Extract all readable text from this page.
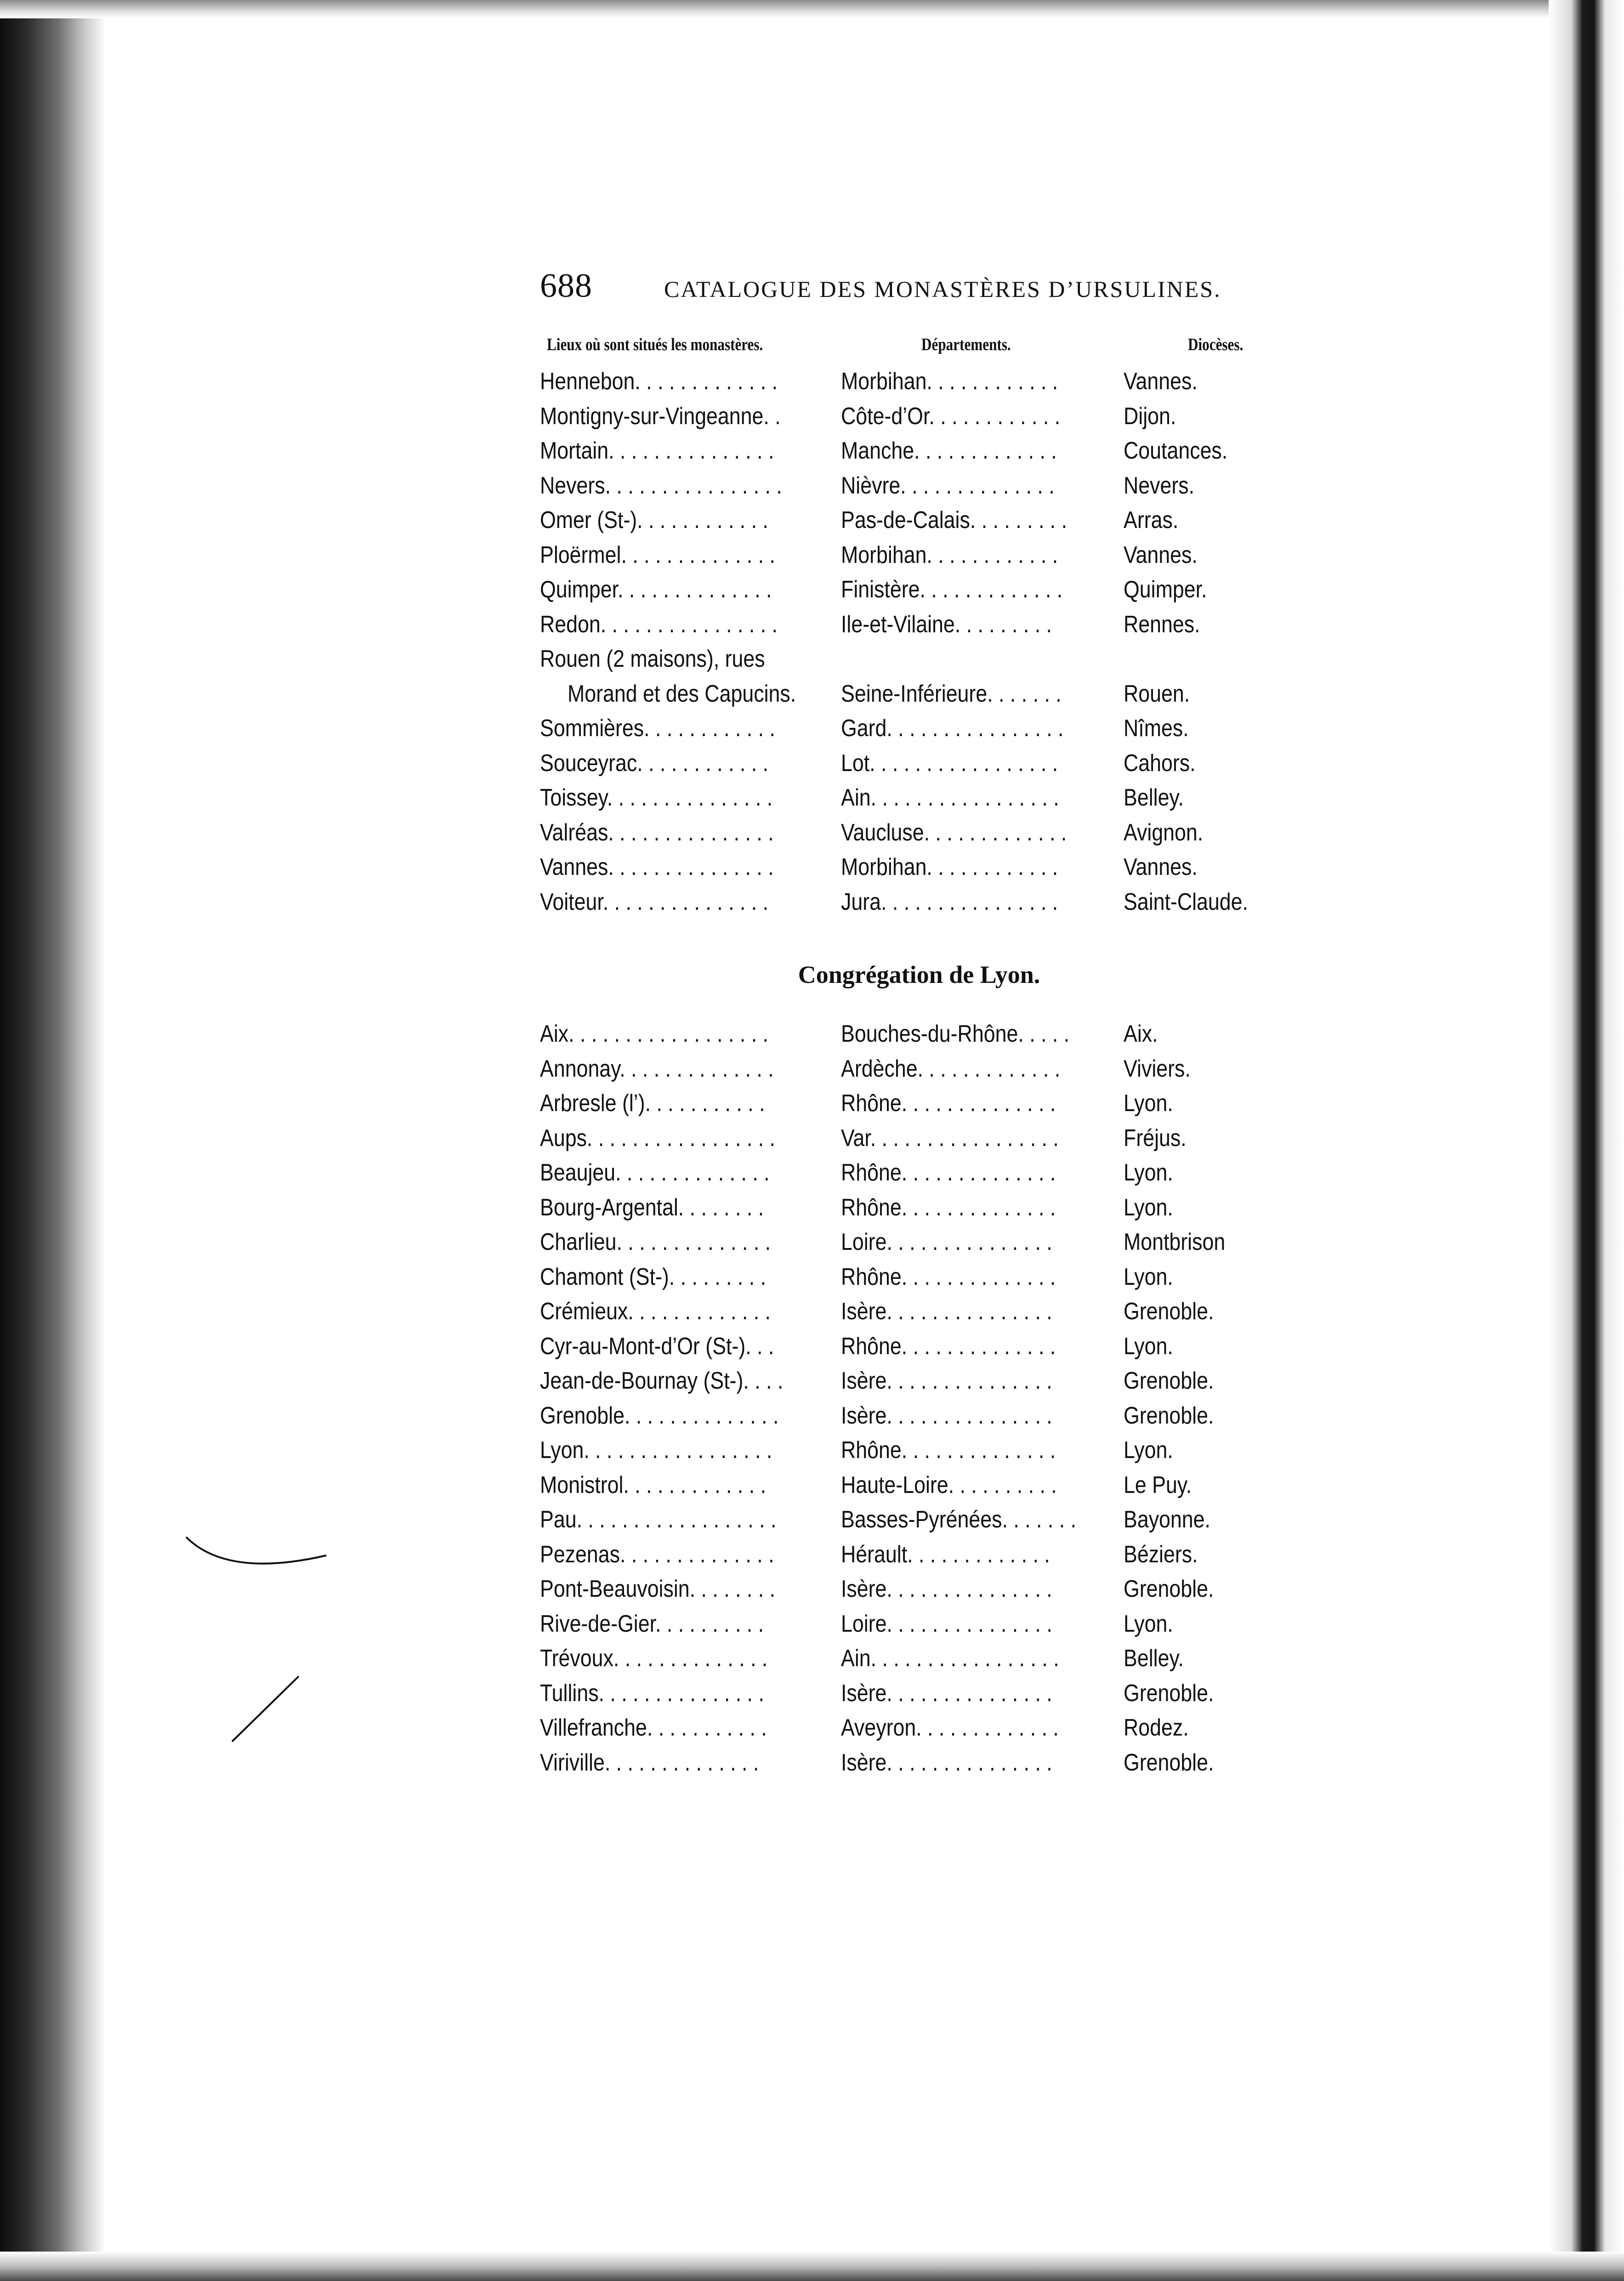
688	CATALOGUE DES MONASTÈRES D’URSULINES.
Lieux où sont situés les monastères.	Départements.	Diocèses.
Hennebon. . . . . . . . . . . . .	Morbihan. . . . . . . . . . . .	Vannes.
Montigny-sur-Vingeanne. .	Côte-d’Or. . . . . . . . . . . .	Dijon.
Mortain. . . . . . . . . . . . . . .	Manche. . . . . . . . . . . . .	Coutances.
Nevers. . . . . . . . . . . . . . . . Nièvre. . . . . . . . . . . . . .	Nevers.
Omer (St-). . . . . . . . . . . .	Pas-de-Calais. . . . . . . . . Arras.
Ploërmel. . . . . . . . . . . . . .	Morbihan. . . . . . . . . . . .	Vannes.
Quimper. . . . . . . . . . . . . .	Finistère. . . . . . . . . . . . .	Quimper.
Redon. . . . . . . . . . . . . . . .	Ile-et-Vilaine. . . . . . . . .	Rennes.
Rouen (2 maisons), rues
Morand et des Capucins. Seine-Inférieure. . . . . . .	Rouen.
Sommières. . . . . . . . . . . .	Gard. . . . . . . . . . . . . . . .	Nîmes.
Souceyrac. . . . . . . . . . . .	Lot. . . . . . . . . . . . . . . . .	Cahors.
Toissey. . . . . . . . . . . . . . .	Ain. . . . . . . . . . . . . . . . .	Belley.
Valréas. . . . . . . . . . . . . . .	Vaucluse. . . . . . . . . . . . . Avignon.
Vannes. . . . . . . . . . . . . . .	Morbihan. . . . . . . . . . . .	Vannes.
Voiteur. . . . . . . . . . . . . . .	Jura. . . . . . . . . . . . . . . .	Saint-Claude.
Congrégation de Lyon.
Aix. . . . . . . . . . . . . . . . . .	Bouches-du-Rhône. . . . . Aix.
Annonay. . . . . . . . . . . . . .	Ardèche. . . . . . . . . . . . .	Viviers.
Arbresle (l’). . . . . . . . . . .	Rhône. . . . . . . . . . . . . .	Lyon.
Aups. . . . . . . . . . . . . . . . .	Var. . . . . . . . . . . . . . . . .	Fréjus.
Beaujeu. . . . . . . . . . . . . .	Rhône. . . . . . . . . . . . . .	Lyon.
Bourg-Argental. . . . . . . .	Rhône. . . . . . . . . . . . . .	Lyon.
Charlieu. . . . . . . . . . . . . .	Loire. . . . . . . . . . . . . . .	Montbrison
Chamont (St-). . . . . . . . .	Rhône. . . . . . . . . . . . . .	Lyon.
Crémieux. . . . . . . . . . . . .	Isère. . . . . . . . . . . . . . .	Grenoble.
Cyr-au-Mont-d’Or (St-). . .	Rhône. . . . . . . . . . . . . .	Lyon.
Jean-de-Bournay (St-). . . . Isère. . . . . . . . . . . . . . .	Grenoble.
Grenoble. . . . . . . . . . . . . .	Isère. . . . . . . . . . . . . . .	Grenoble.
Lyon. . . . . . . . . . . . . . . . .	Rhône. . . . . . . . . . . . . .	Lyon.
Monistrol. . . . . . . . . . . . .	Haute-Loire. . . . . . . . . .	Le Puy.
Pau. . . . . . . . . . . . . . . . . .	Basses-Pyrénées. . . . . . . Bayonne.
Pezenas. . . . . . . . . . . . . .	Hérault. . . . . . . . . . . . .	Béziers.
Pont-Beauvoisin. . . . . . . .	Isère. . . . . . . . . . . . . . .	Grenoble.
Rive-de-Gier. . . . . . . . . .	Loire. . . . . . . . . . . . . . .	Lyon.
Trévoux. . . . . . . . . . . . . .	Ain. . . . . . . . . . . . . . . . .	Belley.
Tullins. . . . . . . . . . . . . . .	Isère. . . . . . . . . . . . . . .	Grenoble.
Villefranche. . . . . . . . . . .	Aveyron. . . . . . . . . . . . .	Rodez.
Viriville. . . . . . . . . . . . . .	Isère. . . . . . . . . . . . . . .	Grenoble.
